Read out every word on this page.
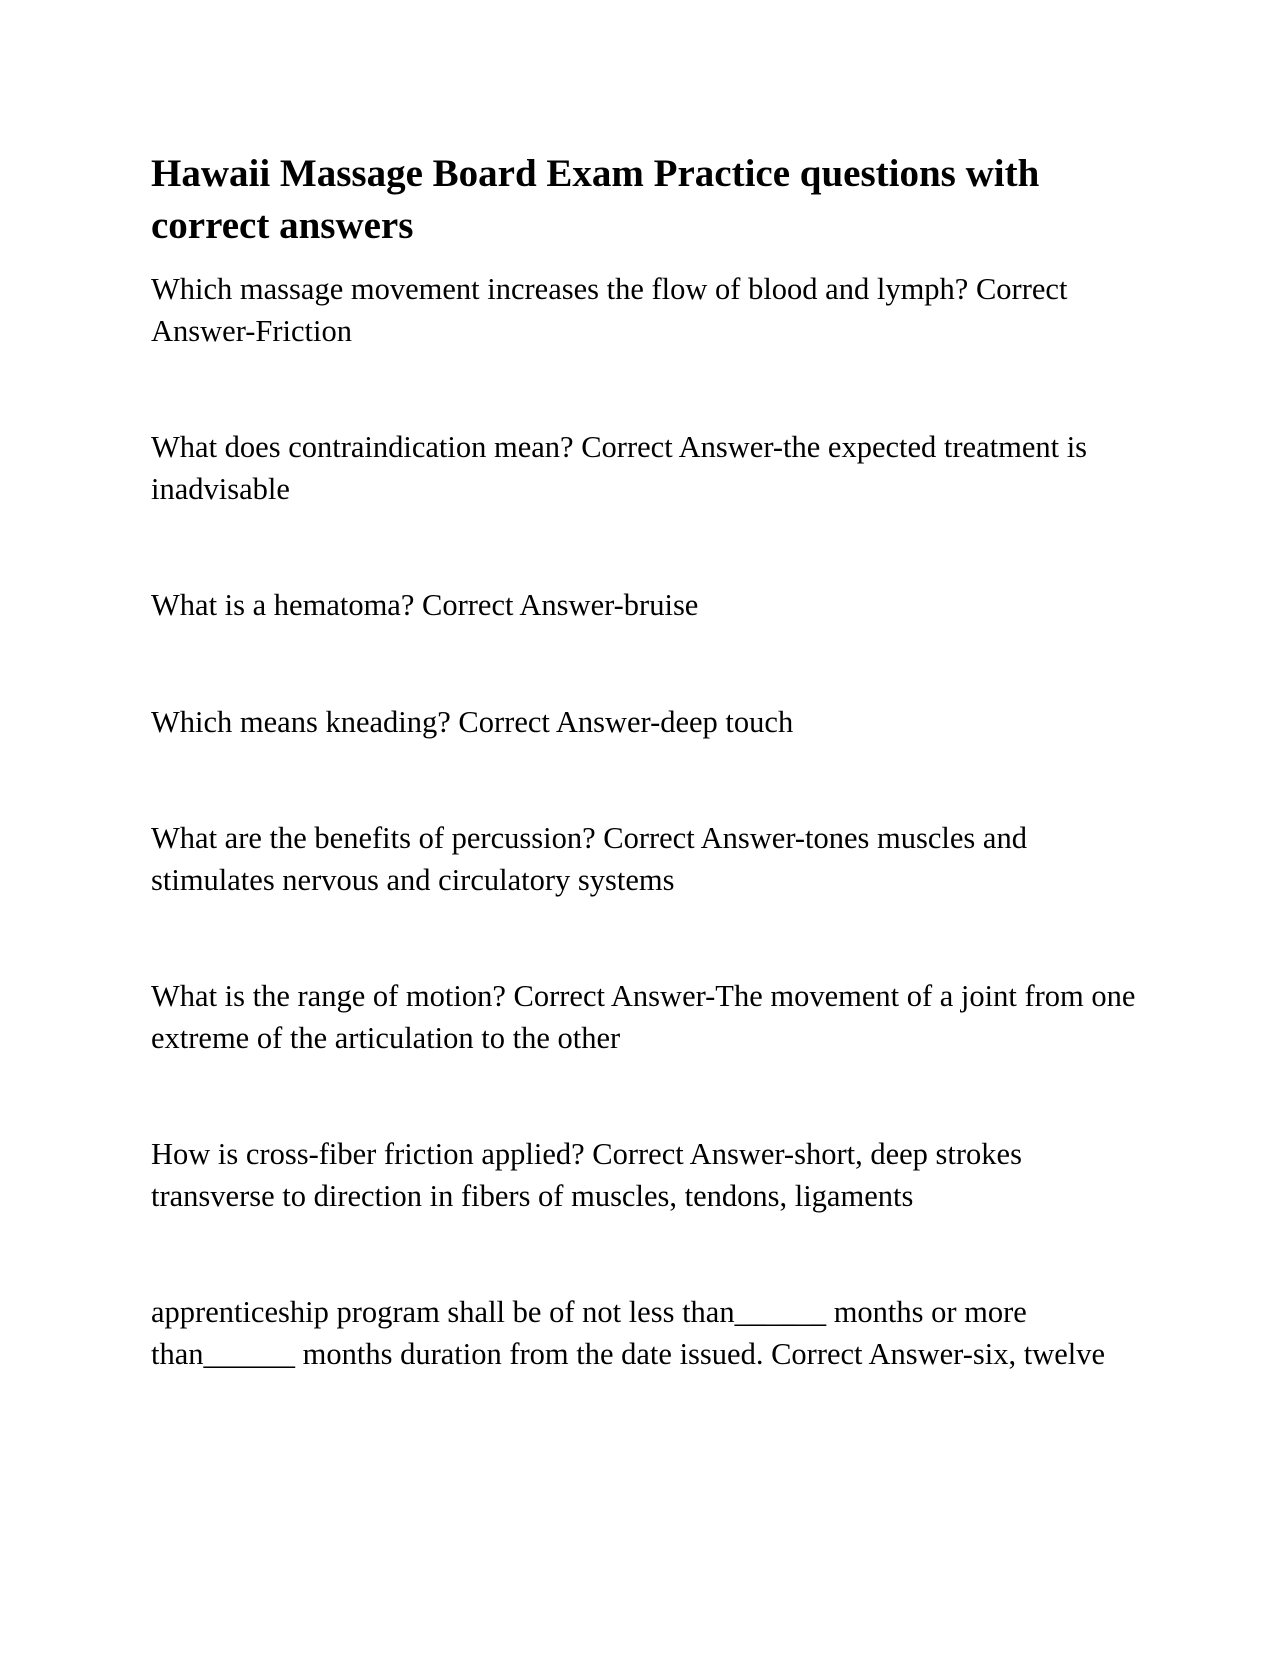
Hawaii Massage Board Exam Practice questions with correct answers

Which massage movement increases the flow of blood and lymph? Correct Answer-Friction

What does contraindication mean? Correct Answer-the expected treatment is inadvisable

What is a hematoma? Correct Answer-bruise

Which means kneading? Correct Answer-deep touch

What are the benefits of percussion? Correct Answer-tones muscles and stimulates nervous and circulatory systems

What is the range of motion? Correct Answer-The movement of a joint from one extreme of the articulation to the other

How is cross-fiber friction applied? Correct Answer-short, deep strokes transverse to direction in fibers of muscles, tendons, ligaments

apprenticeship program shall be of not less than______ months or more than______ months duration from the date issued. Correct Answer-six, twelve
